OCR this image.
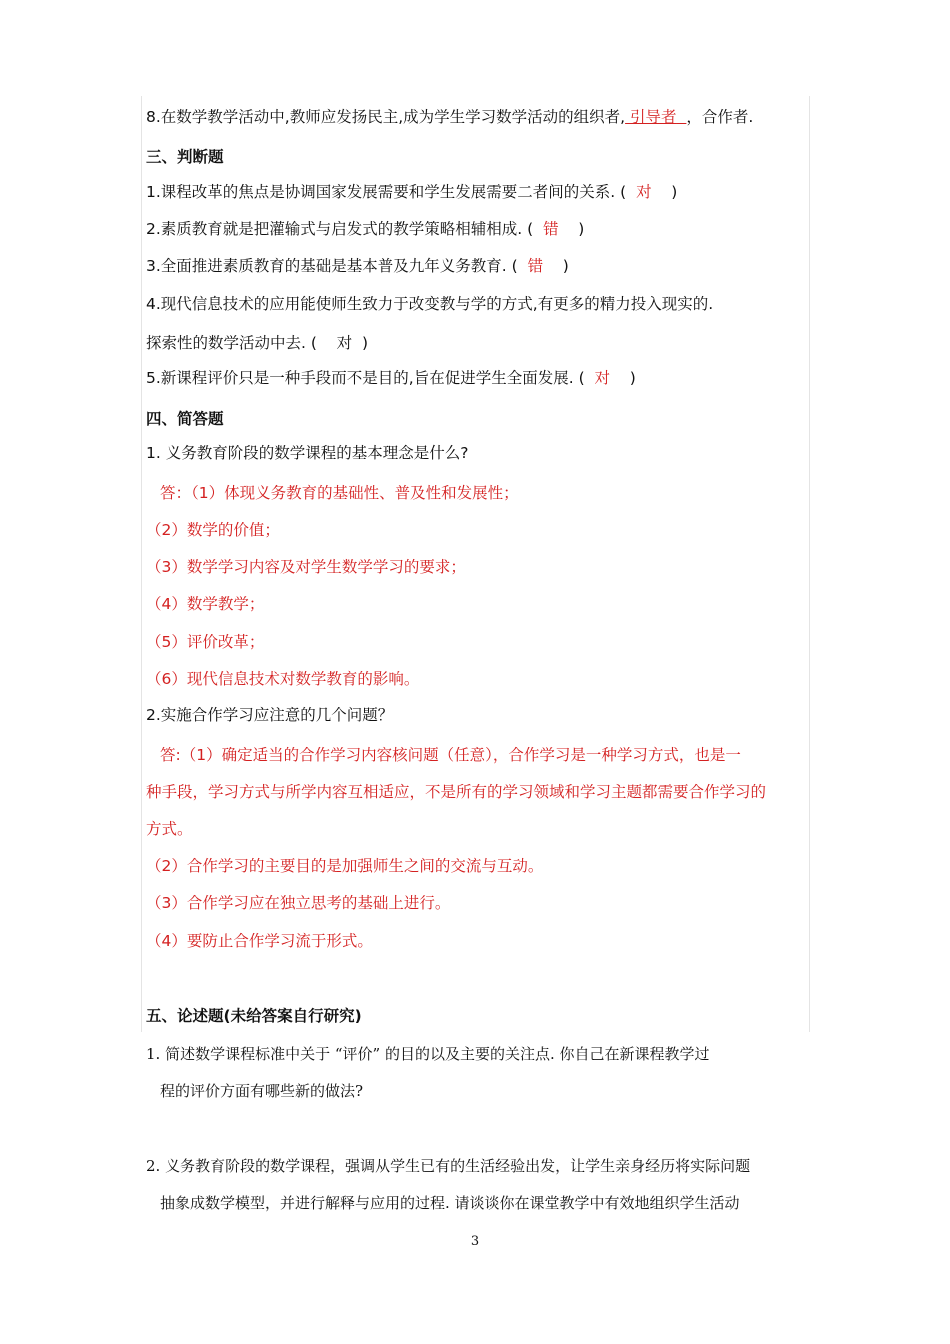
8.在数学教学活动中,教师应发扬民主,成为学生学习数学活动的组织者, 引导者 ，合作者.
三、判断题
1.课程改革的焦点是协调国家发展需要和学生发展需要二者间的关系. ( 对 )
2.素质教育就是把灌输式与启发式的教学策略相辅相成. ( 错 )
3.全面推进素质教育的基础是基本普及九年义务教育. ( 错 )
4.现代信息技术的应用能使师生致力于改变教与学的方式,有更多的精力投入现实的.
探索性的数学活动中去. ( 对 )
5.新课程评价只是一种手段而不是目的,旨在促进学生全面发展. ( 对 )
四、简答题
1. 义务教育阶段的数学课程的基本理念是什么?
答：（1）体现义务教育的基础性、普及性和发展性；
（2）数学的价值；
（3）数学学习内容及对学生数学学习的要求；
（4）数学教学；
（5）评价改革；
（6）现代信息技术对数学教育的影响。
2.实施合作学习应注意的几个问题？
答:（1）确定适当的合作学习内容核问题（任意），合作学习是一种学习方式，也是一
种手段，学习方式与所学内容互相适应，不是所有的学习领域和学习主题都需要合作学习的
方式。
（2）合作学习的主要目的是加强师生之间的交流与互动。
（3）合作学习应在独立思考的基础上进行。
（4）要防止合作学习流于形式。
五、论述题(未给答案自行研究)
1. 简述数学课程标准中关于 “评价” 的目的以及主要的关注点. 你自己在新课程教学过
程的评价方面有哪些新的做法?
2. 义务教育阶段的数学课程，强调从学生已有的生活经验出发，让学生亲身经历将实际问题
抽象成数学模型，并进行解释与应用的过程. 请谈谈你在课堂教学中有效地组织学生活动
3
